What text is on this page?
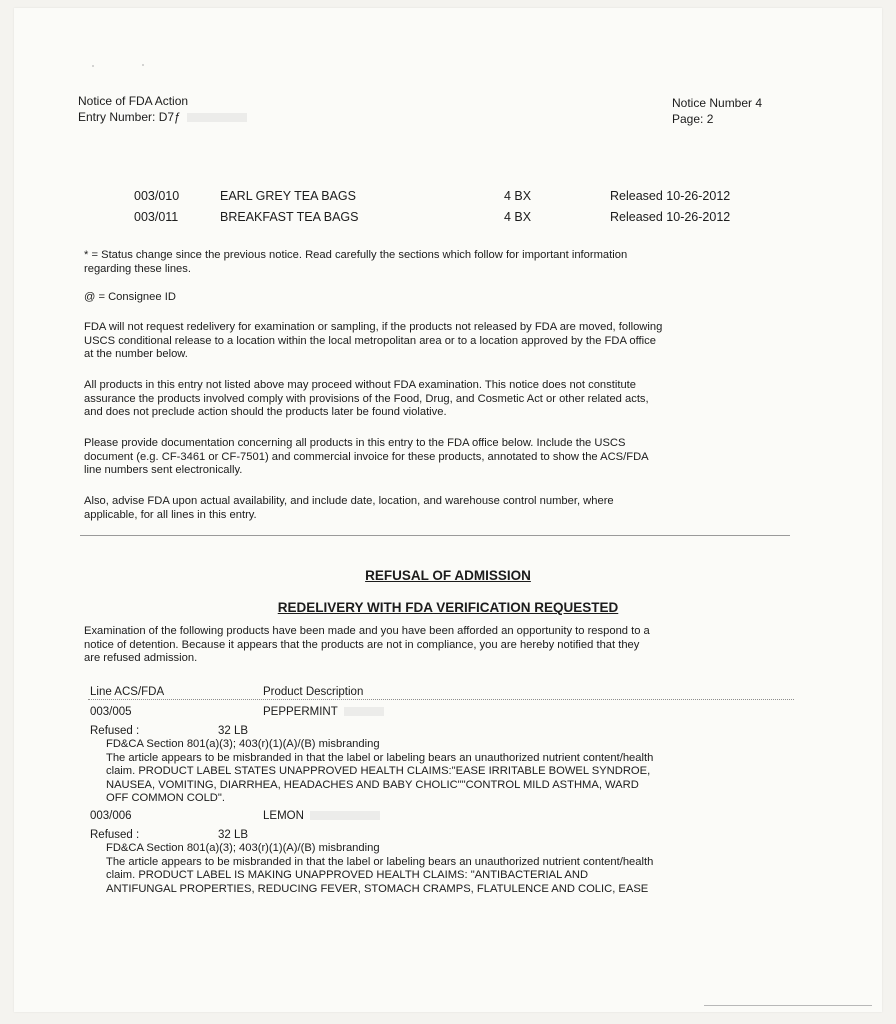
Notice of FDA Action
Entry Number: D7ƒ
Notice Number 4
Page: 2
003/010	EARL GREY TEA BAGS	4 BX	Released 10-26-2012
003/011	BREAKFAST TEA BAGS	4 BX	Released 10-26-2012
* = Status change since the previous notice. Read carefully the sections which follow for important information
regarding these lines.
@ = Consignee ID
FDA will not request redelivery for examination or sampling, if the products not released by FDA are moved, following
USCS conditional release to a location within the local metropolitan area or to a location approved by the FDA office
at the number below.
All products in this entry not listed above may proceed without FDA examination. This notice does not constitute
assurance the products involved comply with provisions of the Food, Drug, and Cosmetic Act or other related acts,
and does not preclude action should the products later be found violative.
Please provide documentation concerning all products in this entry to the FDA office below. Include the USCS
document (e.g. CF-3461 or CF-7501) and commercial invoice for these products, annotated to show the ACS/FDA
line numbers sent electronically.
Also, advise FDA upon actual availability, and include date, location, and warehouse control number, where
applicable, for all lines in this entry.
REFUSAL OF ADMISSION
REDELIVERY WITH FDA VERIFICATION REQUESTED
Examination of the following products have been made and you have been afforded an opportunity to respond to a
notice of detention. Because it appears that the products are not in compliance, you are hereby notified that they
are refused admission.
Line ACS/FDA	Product Description
003/005	PEPPERMINT
Refused :	32 LB
FD&CA Section 801(a)(3); 403(r)(1)(A)/(B) misbranding
The article appears to be misbranded in that the label or labeling bears an unauthorized nutrient content/health
claim. PRODUCT LABEL STATES UNAPPROVED HEALTH CLAIMS:"EASE IRRITABLE BOWEL SYNDROE,
NAUSEA, VOMITING, DIARRHEA, HEADACHES AND BABY CHOLIC""CONTROL MILD ASTHMA, WARD
OFF COMMON COLD".
003/006	LEMON
Refused :	32 LB
FD&CA Section 801(a)(3); 403(r)(1)(A)/(B) misbranding
The article appears to be misbranded in that the label or labeling bears an unauthorized nutrient content/health
claim. PRODUCT LABEL IS MAKING UNAPPROVED HEALTH CLAIMS: "ANTIBACTERIAL AND
ANTIFUNGAL PROPERTIES, REDUCING FEVER, STOMACH CRAMPS, FLATULENCE AND COLIC, EASE
